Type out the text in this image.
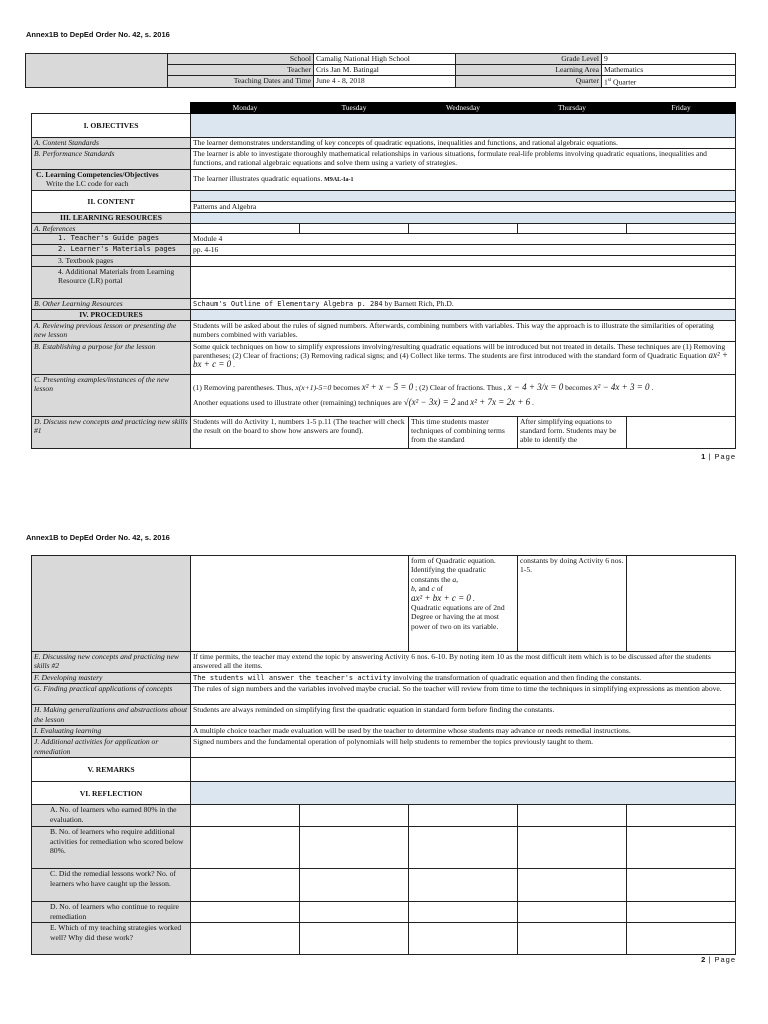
Annex1B to DepEd Order No. 42, s. 2016
	School	Camalig National High School	Grade Level	9
	Teacher	Cris Jan M. Batingal	Learning Area	Mathematics
	Teaching Dates and Time	June 4 - 8, 2018	Quarter	1st Quarter
	Monday	Tuesday	Wednesday	Thursday	Friday
I. OBJECTIVES					
A. Content Standards	The learner demonstrates understanding of key concepts of quadratic equations, inequalities and functions, and rational algebraic equations.				
B. Performance Standards	The learner is able to investigate thoroughly mathematical relationships in various situations, formulate real-life problems involving quadratic equations, inequalities and functions, and rational algebraic equations and solve them using a variety of strategies.				
C. Learning Competencies/Objectives
Write the LC code for each	The learner illustrates quadratic equations. M9AL-Ia-1				
II. CONTENT					
	Patterns and Algebra				
III. LEARNING RESOURCES					
A. References					
1. Teacher's Guide pages	Module 4				
2. Learner's Materials pages	pp. 4-16				
3. Textbook pages					
4. Additional Materials from Learning Resource (LR) portal					
B. Other Learning Resources	Schaum's Outline of Elementary Algebra p. 284 by Barnett Rich, Ph.D.				
IV. PROCEDURES					
A. Reviewing previous lesson or presenting the new lesson	Students will be asked about the rules of signed numbers. Afterwards, combining numbers with variables. This way the approach is to illustrate the similarities of operating numbers combined with variables.				
B. Establishing a purpose for the lesson	Some quick techniques on how to simplify expressions involving/resulting quadratic equations will be introduced but not treated in details. These techniques are (1) Removing parentheses; (2) Clear of fractions; (3) Removing radical signs; and (4) Collect like terms. The students are first introduced with the standard form of Quadratic Equation ax² + bx + c = 0 .				
C. Presenting examples/instances of the new lesson	(1) Removing parentheses. Thus, x(x+1)-5=0 becomes x² + x − 5 = 0 ; (2) Clear of fractions. Thus , x − 4 + 3/x = 0 becomes x² − 4x + 3 = 0 .
Another equations used to illustrate other (remaining) techniques are √(x² − 3x) = 2 and x² + 7x = 2x + 6 .				
D. Discuss new concepts and practicing new skills #1	Students will do Activity 1, numbers 1-5 p.11 (The teacher will check the result on the board to show how answers are found).		This time students master techniques of combining terms from the standard	After simplifying equations to standard form. Students may be able to identify the	
1 | Page
Annex1B to DepEd Order No. 42, s. 2016
			form of Quadratic equation. Identifying the quadratic constants the a,
b, and c of
ax² + bx + c = 0 .
Quadratic equations are of 2nd Degree or having the at most power of two on its variable.	constants by doing Activity 6 nos. 1-5.	
E. Discussing new concepts and practicing new skills #2	If time permits, the teacher may extend the topic by answering Activity 6 nos. 6-10. By noting item 10 as the most difficult item which is to be discussed after the students answered all the items.				
F. Developing mastery	The students will answer the teacher's activity involving the transformation of quadratic equation and then finding the constants.				
G. Finding practical applications of concepts	The rules of sign numbers and the variables involved maybe crucial. So the teacher will review from time to time the techniques in simplifying expressions as mention above.				
H. Making generalizations and abstractions about the lesson	Students are always reminded on simplifying first the quadratic equation in standard form before finding the constants.				
I. Evaluating learning	A multiple choice teacher made evaluation will be used by the teacher to determine whose students may advance or needs remedial instructions.				
J. Additional activities for application or remediation	Signed numbers and the fundamental operation of polynomials will help students to remember the topics previously taught to them.				
V. REMARKS					
VI. REFLECTION					
A. No. of learners who earned 80% in the evaluation.					
B. No. of learners who require additional activities for remediation who scored below 80%.					
C. Did the remedial lessons work? No. of learners who have caught up the lesson.					
D. No. of learners who continue to require remediation					
E. Which of my teaching strategies worked well? Why did these work?					
2 | Page
